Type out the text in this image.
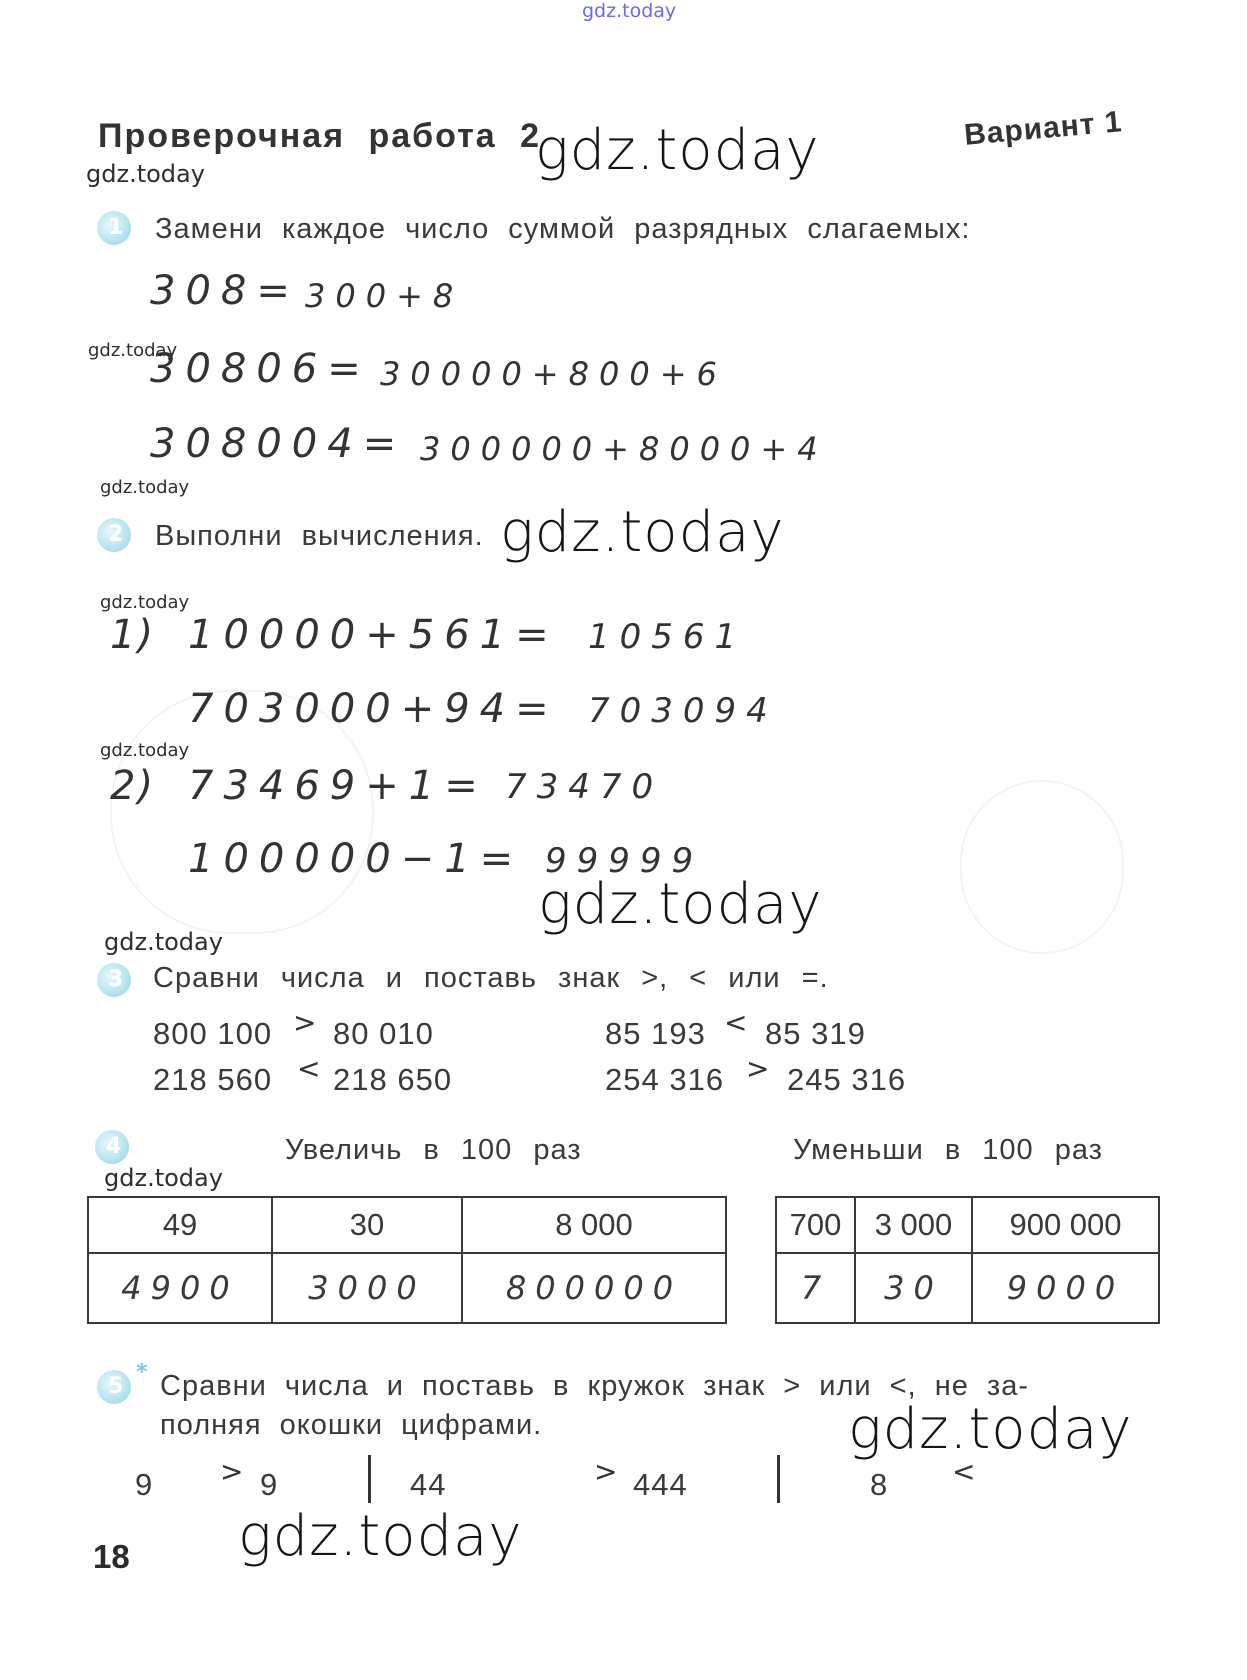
gdz.today
Проверочная работа 2	Вариант 1
gdz.today
gdz.today
gdz.today
gdz.today
gdz.today
gdz.today
gdz.today
gdz.today
gdz.today
gdz.today
gdz.today
gdz.today
1 Замени каждое число суммой разрядных слагаемых:
308= 300+8
30806= 30000+800+6
308004= 300000+8000+4
2 Выполни вычисления.
1) 10000+561= 10561
703000+94= 703094
2) 73469+1= 73470
100000−1= 99999
3 Сравни числа и поставь знак >, < или =.
800 100 > 80 010	85 193 < 85 319
218 560 < 218 650	254 316 > 245 316
4	Увеличь в 100 раз	Уменьши в 100 раз
49	30	8 000
4900	3000	800000
700	3 000	900 000
7	30	9000
5
* Сравни числа и поставь в кружок знак > или <, не за-
полняя окошки цифрами.
9 > 9	44	> 444	8 <
18
